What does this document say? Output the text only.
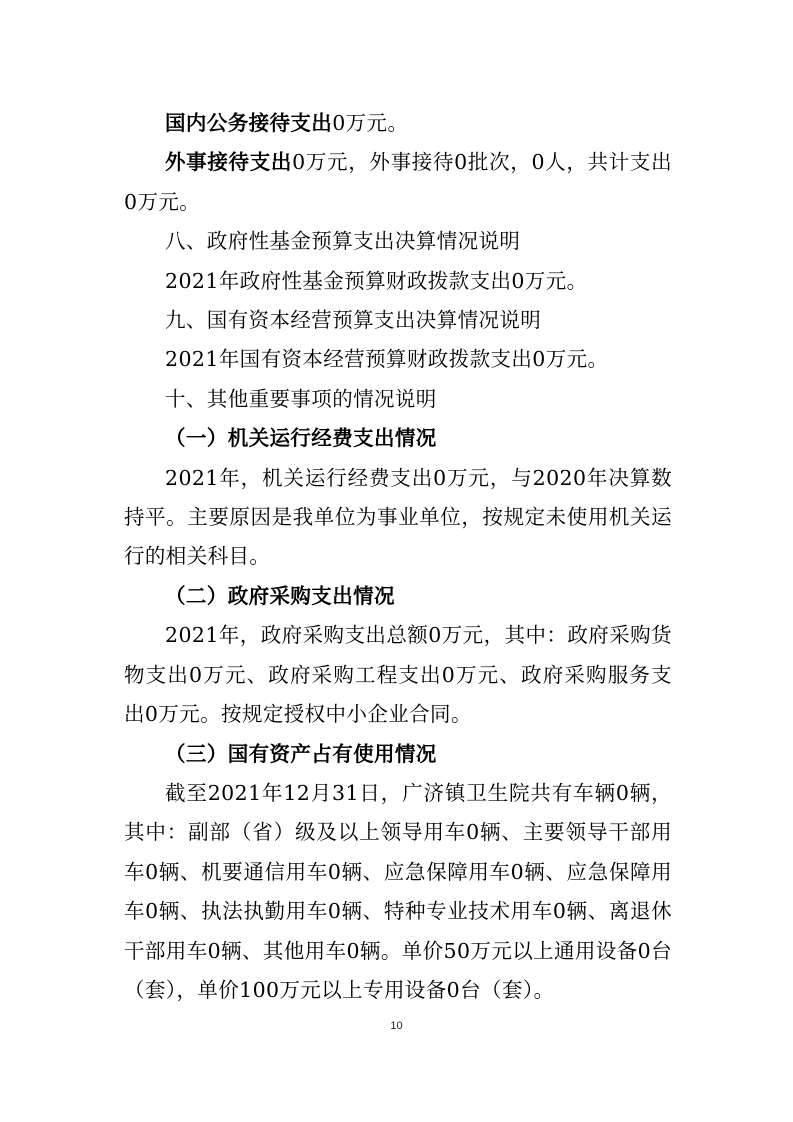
国内公务接待支出0万元。

外事接待支出0万元，外事接待0批次，0人，共计支出0万元。

八、政府性基金预算支出决算情况说明

2021年政府性基金预算财政拨款支出0万元。

九、国有资本经营预算支出决算情况说明

2021年国有资本经营预算财政拨款支出0万元。

十、其他重要事项的情况说明

（一）机关运行经费支出情况

2021年，机关运行经费支出0万元，与2020年决算数持平。主要原因是我单位为事业单位，按规定未使用机关运行的相关科目。

（二）政府采购支出情况

2021年，政府采购支出总额0万元，其中：政府采购货物支出0万元、政府采购工程支出0万元、政府采购服务支出0万元。按规定授权中小企业合同。

（三）国有资产占有使用情况

截至2021年12月31日，广济镇卫生院共有车辆0辆，其中：副部（省）级及以上领导用车0辆、主要领导干部用车0辆、机要通信用车0辆、应急保障用车0辆、应急保障用车0辆、执法执勤用车0辆、特种专业技术用车0辆、离退休干部用车0辆、其他用车0辆。单价50万元以上通用设备0台（套），单价100万元以上专用设备0台（套）。

10
